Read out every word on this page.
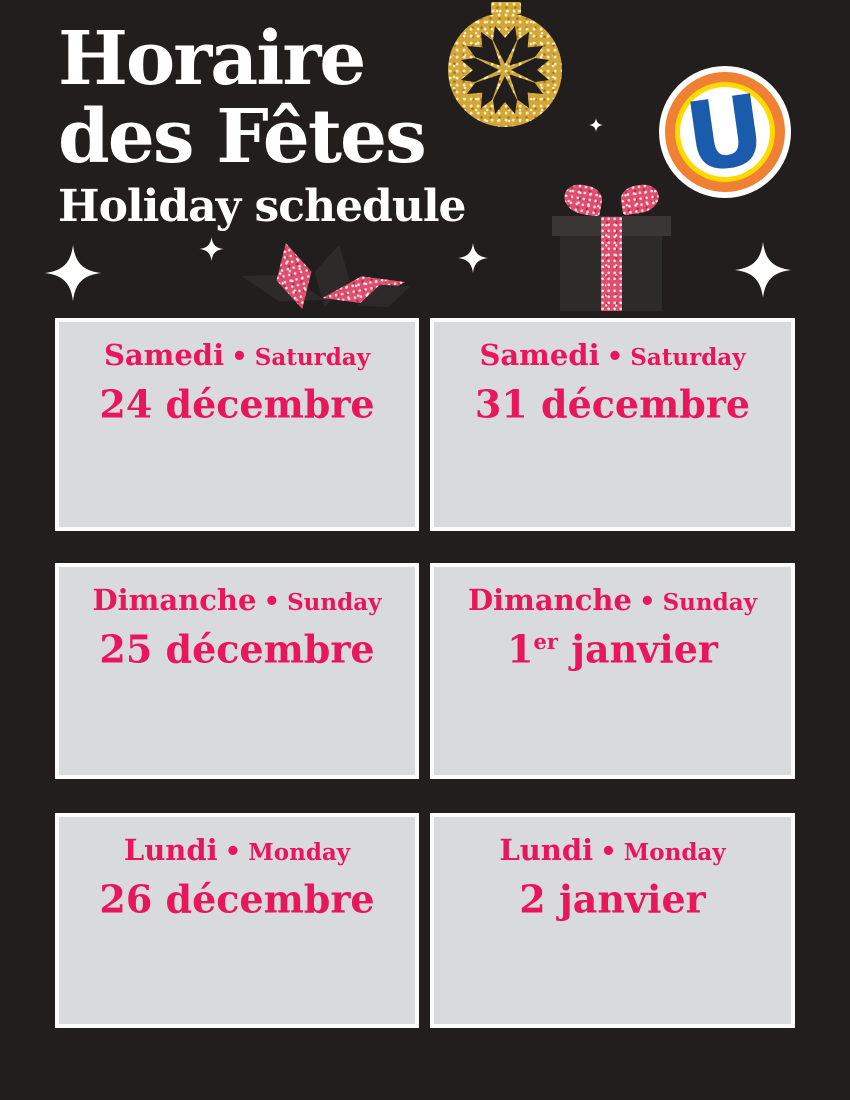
Horaire des Fêtes
Holiday schedule
U
Samedi • Saturday
24 décembre
Samedi • Saturday
31 décembre
Dimanche • Sunday
25 décembre
Dimanche • Sunday
1er janvier
Lundi • Monday
26 décembre
Lundi • Monday
2 janvier
